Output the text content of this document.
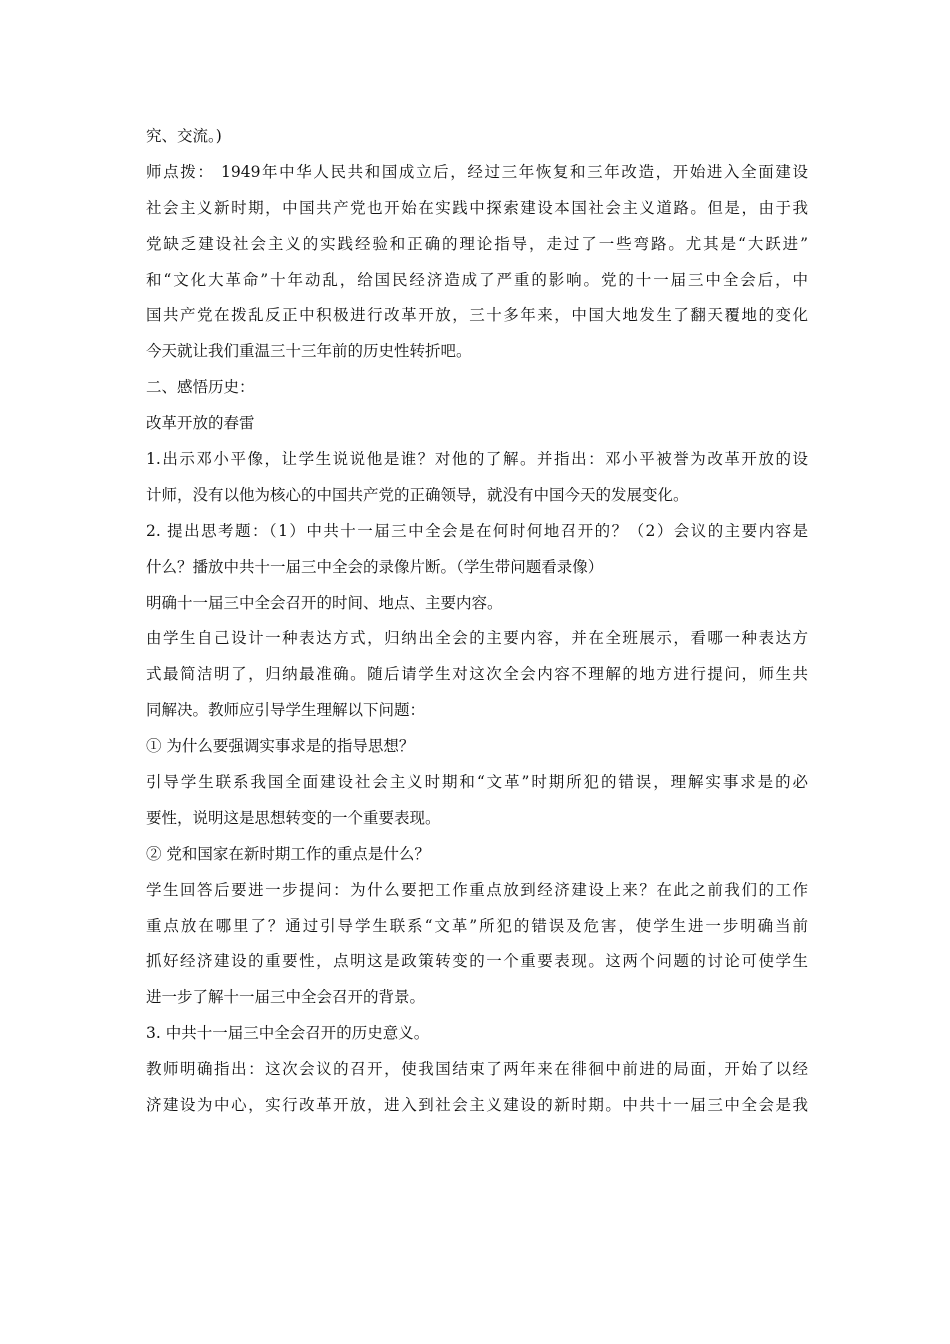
究、交流。)
师点拨： 1949年中华人民共和国成立后，经过三年恢复和三年改造，开始进入全面建设
社会主义新时期，中国共产党也开始在实践中探索建设本国社会主义道路。但是，由于我
党缺乏建设社会主义的实践经验和正确的理论指导，走过了一些弯路。尤其是“大跃进”
和“文化大革命”十年动乱，给国民经济造成了严重的影响。党的十一届三中全会后，中
国共产党在拨乱反正中积极进行改革开放，三十多年来，中国大地发生了翻天覆地的变化
今天就让我们重温三十三年前的历史性转折吧。
二、感悟历史：
改革开放的春雷
1.出示邓小平像，让学生说说他是谁？对他的了解。并指出：邓小平被誉为改革开放的设
计师，没有以他为核心的中国共产党的正确领导，就没有中国今天的发展变化。
2. 提出思考题：（1）中共十一届三中全会是在何时何地召开的？（2）会议的主要内容是
什么？播放中共十一届三中全会的录像片断。（学生带问题看录像）
明确十一届三中全会召开的时间、地点、主要内容。
由学生自己设计一种表达方式，归纳出全会的主要内容，并在全班展示，看哪一种表达方
式最简洁明了，归纳最准确。随后请学生对这次全会内容不理解的地方进行提问，师生共
同解决。教师应引导学生理解以下问题：
① 为什么要强调实事求是的指导思想？
引导学生联系我国全面建设社会主义时期和“文革”时期所犯的错误，理解实事求是的必
要性，说明这是思想转变的一个重要表现。
② 党和国家在新时期工作的重点是什么？
学生回答后要进一步提问：为什么要把工作重点放到经济建设上来？在此之前我们的工作
重点放在哪里了？通过引导学生联系“文革”所犯的错误及危害，使学生进一步明确当前
抓好经济建设的重要性，点明这是政策转变的一个重要表现。这两个问题的讨论可使学生
进一步了解十一届三中全会召开的背景。
3. 中共十一届三中全会召开的历史意义。
教师明确指出：这次会议的召开，使我国结束了两年来在徘徊中前进的局面，开始了以经
济建设为中心，实行改革开放，进入到社会主义建设的新时期。中共十一届三中全会是我
